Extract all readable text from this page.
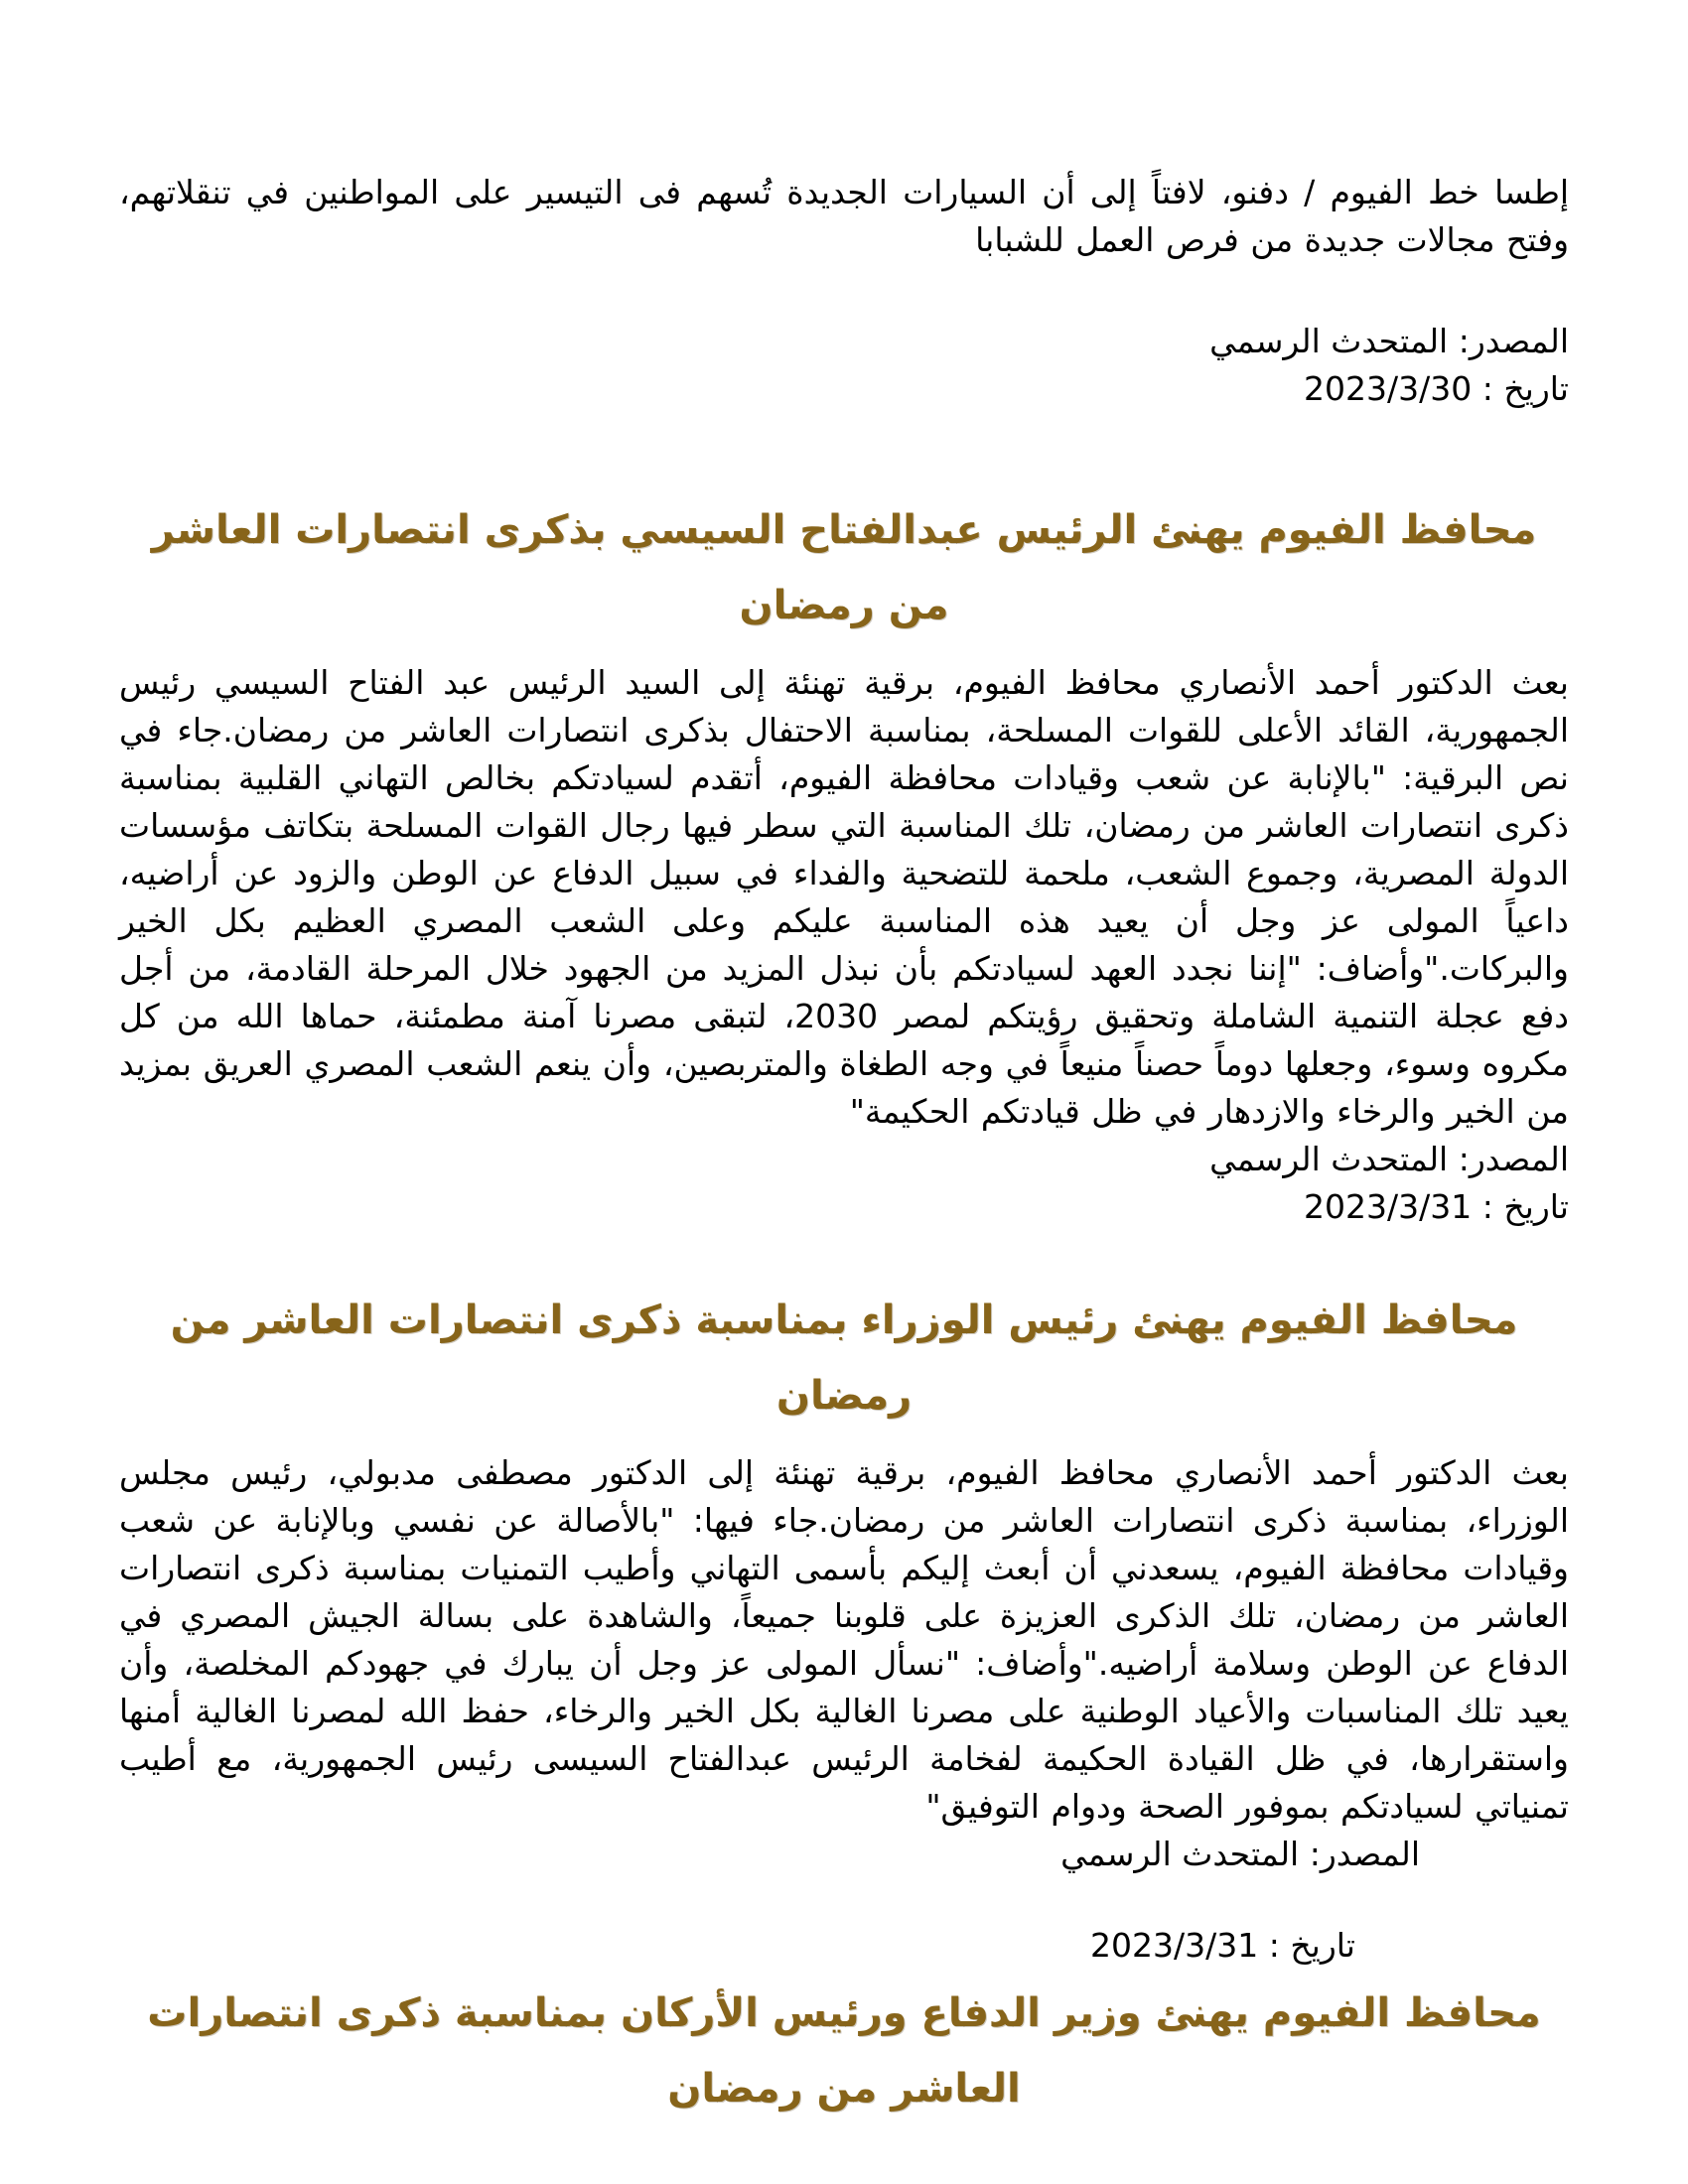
إطسا خط الفيوم / دفنو، لافتاً إلى أن السيارات الجديدة تُسهم فى التيسير على المواطنين في تنقلاتهم، وفتح مجالات جديدة من فرص العمل للشبابا

المصدر: المتحدث الرسمي

تاريخ : 2023/3/30

محافظ الفيوم يهنئ الرئيس عبدالفتاح السيسي بذكرى انتصارات العاشر من رمضان

بعث الدكتور أحمد الأنصاري محافظ الفيوم، برقية تهنئة إلى السيد الرئيس عبد الفتاح السيسي رئيس الجمهورية، القائد الأعلى للقوات المسلحة، بمناسبة الاحتفال بذكرى انتصارات العاشر من رمضان.جاء في نص البرقية: "بالإنابة عن شعب وقيادات محافظة الفيوم، أتقدم لسيادتكم بخالص التهاني القلبية بمناسبة ذكرى انتصارات العاشر من رمضان، تلك المناسبة التي سطر فيها رجال القوات المسلحة بتكاتف مؤسسات الدولة المصرية، وجموع الشعب، ملحمة للتضحية والفداء في سبيل الدفاع عن الوطن والزود عن أراضيه، داعياً المولى عز وجل أن يعيد هذه المناسبة عليكم وعلى الشعب المصري العظيم بكل الخير والبركات."وأضاف: "إننا نجدد العهد لسيادتكم بأن نبذل المزيد من الجهود خلال المرحلة القادمة، من أجل دفع عجلة التنمية الشاملة وتحقيق رؤيتكم لمصر 2030، لتبقى مصرنا آمنة مطمئنة، حماها الله من كل مكروه وسوء، وجعلها دوماً حصناً منيعاً في وجه الطغاة والمتربصين، وأن ينعم الشعب المصري العريق بمزيد من الخير والرخاء والازدهار في ظل قيادتكم الحكيمة"

المصدر: المتحدث الرسمي

تاريخ : 2023/3/31

محافظ الفيوم يهنئ رئيس الوزراء بمناسبة ذكرى انتصارات العاشر من رمضان

بعث الدكتور أحمد الأنصاري محافظ الفيوم، برقية تهنئة إلى الدكتور مصطفى مدبولي، رئيس مجلس الوزراء، بمناسبة ذكرى انتصارات العاشر من رمضان.جاء فيها: "بالأصالة عن نفسي وبالإنابة عن شعب وقيادات محافظة الفيوم، يسعدني أن أبعث إليكم بأسمى التهاني وأطيب التمنيات بمناسبة ذكرى انتصارات العاشر من رمضان، تلك الذكرى العزيزة على قلوبنا جميعاً، والشاهدة على بسالة الجيش المصري في الدفاع عن الوطن وسلامة أراضيه."وأضاف: "نسأل المولى عز وجل أن يبارك في جهودكم المخلصة، وأن يعيد تلك المناسبات والأعياد الوطنية على مصرنا الغالية بكل الخير والرخاء، حفظ الله لمصرنا الغالية أمنها واستقرارها، في ظل القيادة الحكيمة لفخامة الرئيس عبدالفتاح السيسى رئيس الجمهورية، مع أطيب تمنياتي لسيادتكم بموفور الصحة ودوام التوفيق"

المصدر: المتحدث الرسمي

تاريخ : 2023/3/31

محافظ الفيوم يهنئ وزير الدفاع ورئيس الأركان بمناسبة ذكرى انتصارات العاشر من رمضان
